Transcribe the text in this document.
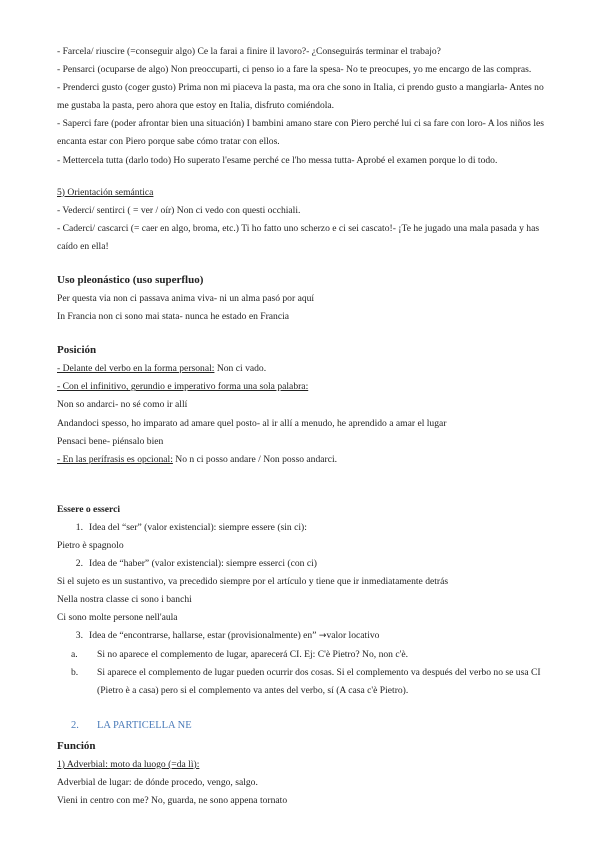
- Farcela/ riuscire (=conseguir algo) Ce la farai a finire il lavoro?- ¿Conseguirás terminar el trabajo?

- Pensarci (ocuparse de algo) Non preoccuparti, ci penso io a fare la spesa- No te preocupes, yo me encargo de las compras.

- Prenderci gusto (coger gusto) Prima non mi piaceva la pasta, ma ora che sono in Italia, ci prendo gusto a mangiarla- Antes no me gustaba la pasta, pero ahora que estoy en Italia, disfruto comiéndola.

- Saperci fare (poder afrontar bien una situación) I bambini amano stare con Piero perché lui ci sa fare con loro- A los niños les encanta estar con Piero porque sabe cómo tratar con ellos.

- Mettercela tutta (darlo todo) Ho superato l'esame perché ce l'ho messa tutta- Aprobé el examen porque lo di todo.

5) Orientación semántica

- Vederci/ sentirci ( = ver / oír) Non ci vedo con questi occhiali.

- Caderci/ cascarci (= caer en algo, broma, etc.) Ti ho fatto uno scherzo e ci sei cascato!- ¡Te he jugado una mala pasada y has caído en ella!

Uso pleonástico (uso superfluo)

Per questa via non ci passava anima viva- ni un alma pasó por aquí

In Francia non ci sono mai stata- nunca he estado en Francia

Posición

- Delante del verbo en la forma personal: Non ci vado.

- Con el infinitivo, gerundio e imperativo forma una sola palabra:

Non so andarci- no sé como ir allí

Andandoci spesso, ho imparato ad amare quel posto- al ir allí a menudo, he aprendido a amar el lugar

Pensaci bene- piénsalo bien

- En las perífrasis es opcional: No n ci posso andare / Non posso andarci.

Essere o esserci

1. Idea del “ser” (valor existencial): siempre essere (sin ci):

Pietro è spagnolo

2. Idea de “haber” (valor existencial): siempre esserci (con ci)

Si el sujeto es un sustantivo, va precedido siempre por el artículo y tiene que ir inmediatamente detrás

Nella nostra classe ci sono i banchi

Ci sono molte persone nell'aula

3. Idea de “encontrarse, hallarse, estar (provisionalmente) en” →valor locativo
a.	Si no aparece el complemento de lugar, aparecerá CI. Ej: C'è Pietro? No, non c'è.
b.	Si aparece el complemento de lugar pueden ocurrir dos cosas. Si el complemento va después del verbo no se usa CI (Pietro è a casa) pero si el complemento va antes del verbo, sí (A casa c'è Pietro).
2.	LA PARTICELLA NE

Función

1) Adverbial: moto da luogo (=da lì):

Adverbial de lugar: de dónde procedo, vengo, salgo.

Vieni in centro con me? No, guarda, ne sono appena tornato
